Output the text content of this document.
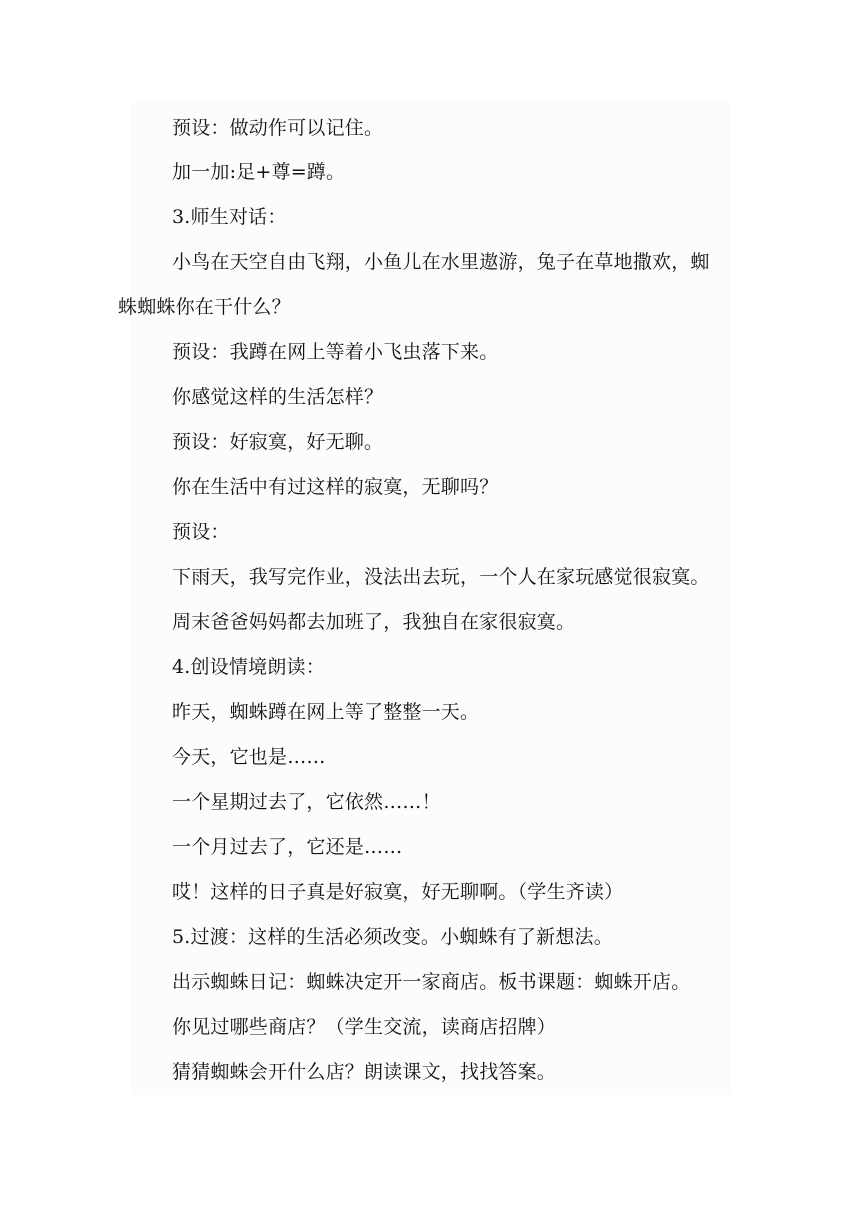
预设：做动作可以记住。
加一加:足+尊=蹲。
3.师生对话：
小鸟在天空自由飞翔，小鱼儿在水里遨游，兔子在草地撒欢，蜘
蛛蜘蛛你在干什么？
预设：我蹲在网上等着小飞虫落下来。
你感觉这样的生活怎样？
预设：好寂寞，好无聊。
你在生活中有过这样的寂寞，无聊吗？
预设：
下雨天，我写完作业，没法出去玩，一个人在家玩感觉很寂寞。
周末爸爸妈妈都去加班了，我独自在家很寂寞。
4.创设情境朗读：
昨天，蜘蛛蹲在网上等了整整一天。
今天，它也是……
一个星期过去了，它依然……！
一个月过去了，它还是……
哎！这样的日子真是好寂寞，好无聊啊。（学生齐读）
5.过渡：这样的生活必须改变。小蜘蛛有了新想法。
出示蜘蛛日记：蜘蛛决定开一家商店。板书课题：蜘蛛开店。
你见过哪些商店？（学生交流，读商店招牌）
猜猜蜘蛛会开什么店？朗读课文，找找答案。
